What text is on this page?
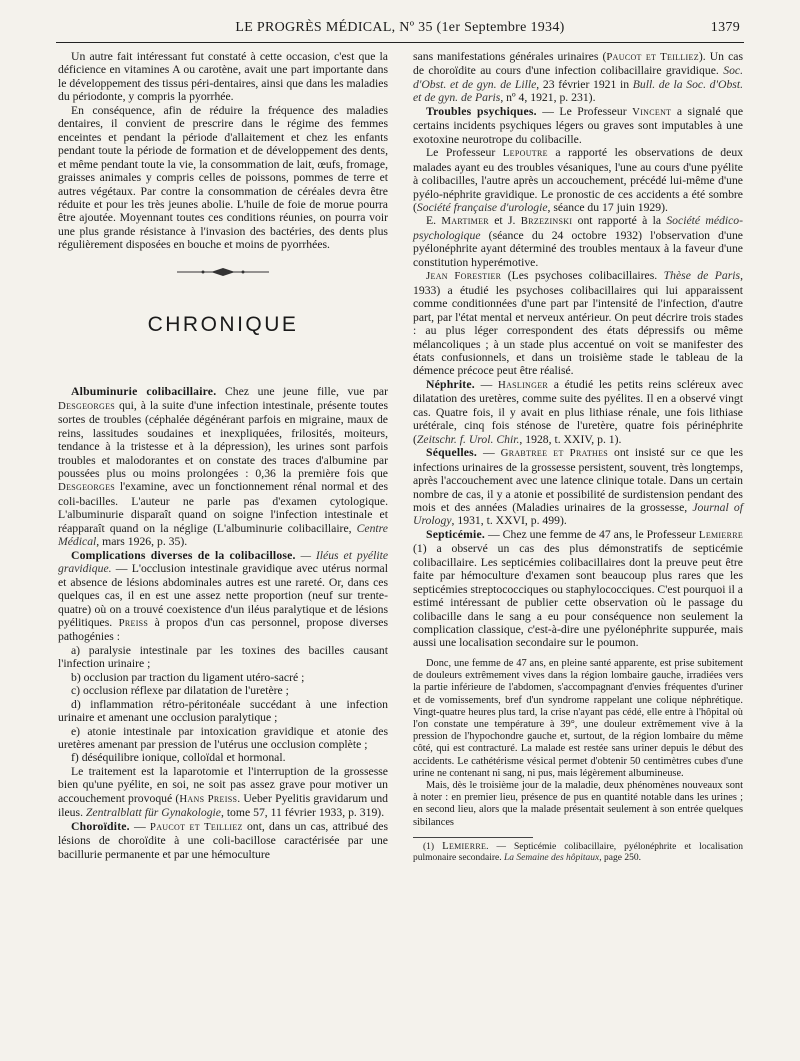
LE PROGRÈS MÉDICAL, Nº 35 (1er Septembre 1934)	1379

Un autre fait intéressant fut constaté à cette occasion, c'est que la déficience en vitamines A ou carotène, avait une part importante dans le développement des tissus péri-dentaires, ainsi que dans les maladies du périodonte, y compris la pyorrhée.

En conséquence, afin de réduire la fréquence des maladies dentaires, il convient de prescrire dans le régime des femmes enceintes et pendant la période d'allaitement et chez les enfants pendant toute la période de formation et de développement des dents, et même pendant toute la vie, la consommation de lait, œufs, fromage, graisses animales y compris celles de poissons, pommes de terre et autres végétaux. Par contre la consommation de céréales devra être réduite et pour les très jeunes abolie. L'huile de foie de morue pourra être ajoutée. Moyennant toutes ces conditions réunies, on pourra voir une plus grande résistance à l'invasion des bactéries, des dents plus régulièrement disposées en bouche et moins de pyorrhées.

CHRONIQUE

Albuminurie colibacillaire. Chez une jeune fille, vue par Desgeorges qui, à la suite d'une infection intestinale, présente toutes sortes de troubles (céphalée dégénérant parfois en migraine, maux de reins, lassitudes soudaines et inexpliquées, frilosités, moiteurs, tendance à la tristesse et à la dépression), les urines sont parfois troubles et malodorantes et on constate des traces d'albumine par poussées plus ou moins prolongées : 0,36 la première fois que Desgeorges l'examine, avec un fonctionnement rénal normal et des coli-bacilles. L'auteur ne parle pas d'examen cytologique. L'albuminurie disparaît quand on soigne l'infection intestinale et réapparaît quand on la néglige (L'albuminurie colibacillaire, Centre Médical, mars 1926, p. 35).

Complications diverses de la colibacillose. — Iléus et pyélite gravidique. — L'occlusion intestinale gravidique avec utérus normal et absence de lésions abdominales autres est une rareté. Or, dans ces quelques cas, il en est une assez nette proportion (neuf sur trente-quatre) où on a trouvé coexistence d'un iléus paralytique et de lésions pyélitiques. Preiss à propos d'un cas personnel, propose diverses pathogénies :

a) paralysie intestinale par les toxines des bacilles causant l'infection urinaire ;

b) occlusion par traction du ligament utéro-sacré ;

c) occlusion réflexe par dilatation de l'uretère ;

d) inflammation rétro-péritonéale succédant à une infection urinaire et amenant une occlusion paralytique ;

e) atonie intestinale par intoxication gravidique et atonie des uretères amenant par pression de l'utérus une occlusion complète ;

f) déséquilibre ionique, colloïdal et hormonal.

Le traitement est la laparotomie et l'interruption de la grossesse bien qu'une pyélite, en soi, ne soit pas assez grave pour motiver un accouchement provoqué (Hans Preiss. Ueber Pyelitis gravidarum und ileus. Zentralblatt für Gynakologie, tome 57, 11 février 1933, p. 319).

Choroïdite. — Paucot et Teilliez ont, dans un cas, attribué des lésions de choroïdite à une coli-bacillose caractérisée par une bacillurie permanente et par une hémoculture

sans manifestations générales urinaires (Paucot et Teilliez). Un cas de choroïdite au cours d'une infection colibacillaire gravidique. Soc. d'Obst. et de gyn. de Lille, 23 février 1921 in Bull. de la Soc. d'Obst. et de gyn. de Paris, nº 4, 1921, p. 231).

Troubles psychiques. — Le Professeur Vincent a signalé que certains incidents psychiques légers ou graves sont imputables à une exotoxine neurotrope du colibacille.

Le Professeur Lepoutre a rapporté les observations de deux malades ayant eu des troubles vésaniques, l'une au cours d'une pyélite à colibacilles, l'autre après un accouchement, précédé lui-même d'une pyélo-néphrite gravidique. Le pronostic de ces accidents a été sombre (Société française d'urologie, séance du 17 juin 1929).

E. Martimer et J. Brzezinski ont rapporté à la Société médico-psychologique (séance du 24 octobre 1932) l'observation d'une pyélonéphrite ayant déterminé des troubles mentaux à la faveur d'une constitution hyperémotive.

Jean Forestier (Les psychoses colibacillaires. Thèse de Paris, 1933) a étudié les psychoses colibacillaires qui lui apparaissent comme conditionnées d'une part par l'intensité de l'infection, d'autre part, par l'état mental et nerveux antérieur. On peut décrire trois stades : au plus léger correspondent des états dépressifs ou même mélancoliques ; à un stade plus accentué on voit se manifester des états confusionnels, et dans un troisième stade le tableau de la démence précoce peut être réalisé.

Néphrite. — Haslinger a étudié les petits reins scléreux avec dilatation des uretères, comme suite des pyélites. Il en a observé vingt cas. Quatre fois, il y avait en plus lithiase rénale, une fois lithiase urétérale, cinq fois sténose de l'uretère, quatre fois périnéphrite (Zeitschr. f. Urol. Chir., 1928, t. XXIV, p. 1).

Séquelles. — Grabtree et Prathes ont insisté sur ce que les infections urinaires de la grossesse persistent, souvent, très longtemps, après l'accouchement avec une latence clinique totale. Dans un certain nombre de cas, il y a atonie et possibilité de surdistension pendant des mois et des années (Maladies urinaires de la grossesse, Journal of Urology, 1931, t. XXVI, p. 499).

Septicémie. — Chez une femme de 47 ans, le Professeur Lemierre (1) a observé un cas des plus démonstratifs de septicémie colibacillaire. Les septicémies colibacillaires dont la preuve peut être faite par hémoculture d'examen sont beaucoup plus rares que les septicémies streptococciques ou staphylococciques. C'est pourquoi il a estimé intéressant de publier cette observation où le passage du colibacille dans le sang a eu pour conséquence non seulement la complication classique, c'est-à-dire une pyélonéphrite suppurée, mais aussi une localisation secondaire sur le poumon.

Donc, une femme de 47 ans, en pleine santé apparente, est prise subitement de douleurs extrêmement vives dans la région lombaire gauche, irradiées vers la partie inférieure de l'abdomen, s'accompagnant d'envies fréquentes d'uriner et de vomissements, bref d'un syndrome rappelant une colique néphrétique. Vingt-quatre heures plus tard, la crise n'ayant pas cédé, elle entre à l'hôpital où l'on constate une température à 39°, une douleur extrêmement vive à la pression de l'hypochondre gauche et, surtout, de la région lombaire du même côté, qui est contracturé. La malade est restée sans uriner depuis le début des accidents. Le cathétérisme vésical permet d'obtenir 50 centimètres cubes d'une urine ne contenant ni sang, ni pus, mais légèrement albumineuse.

Mais, dès le troisième jour de la maladie, deux phénomènes nouveaux sont à noter : en premier lieu, présence de pus en quantité notable dans les urines ; en second lieu, alors que la malade présentait seulement à son entrée quelques sibilances

(1) Lemierre. — Septicémie colibacillaire, pyélonéphrite et localisation pulmonaire secondaire. La Semaine des hôpitaux, page 250.
